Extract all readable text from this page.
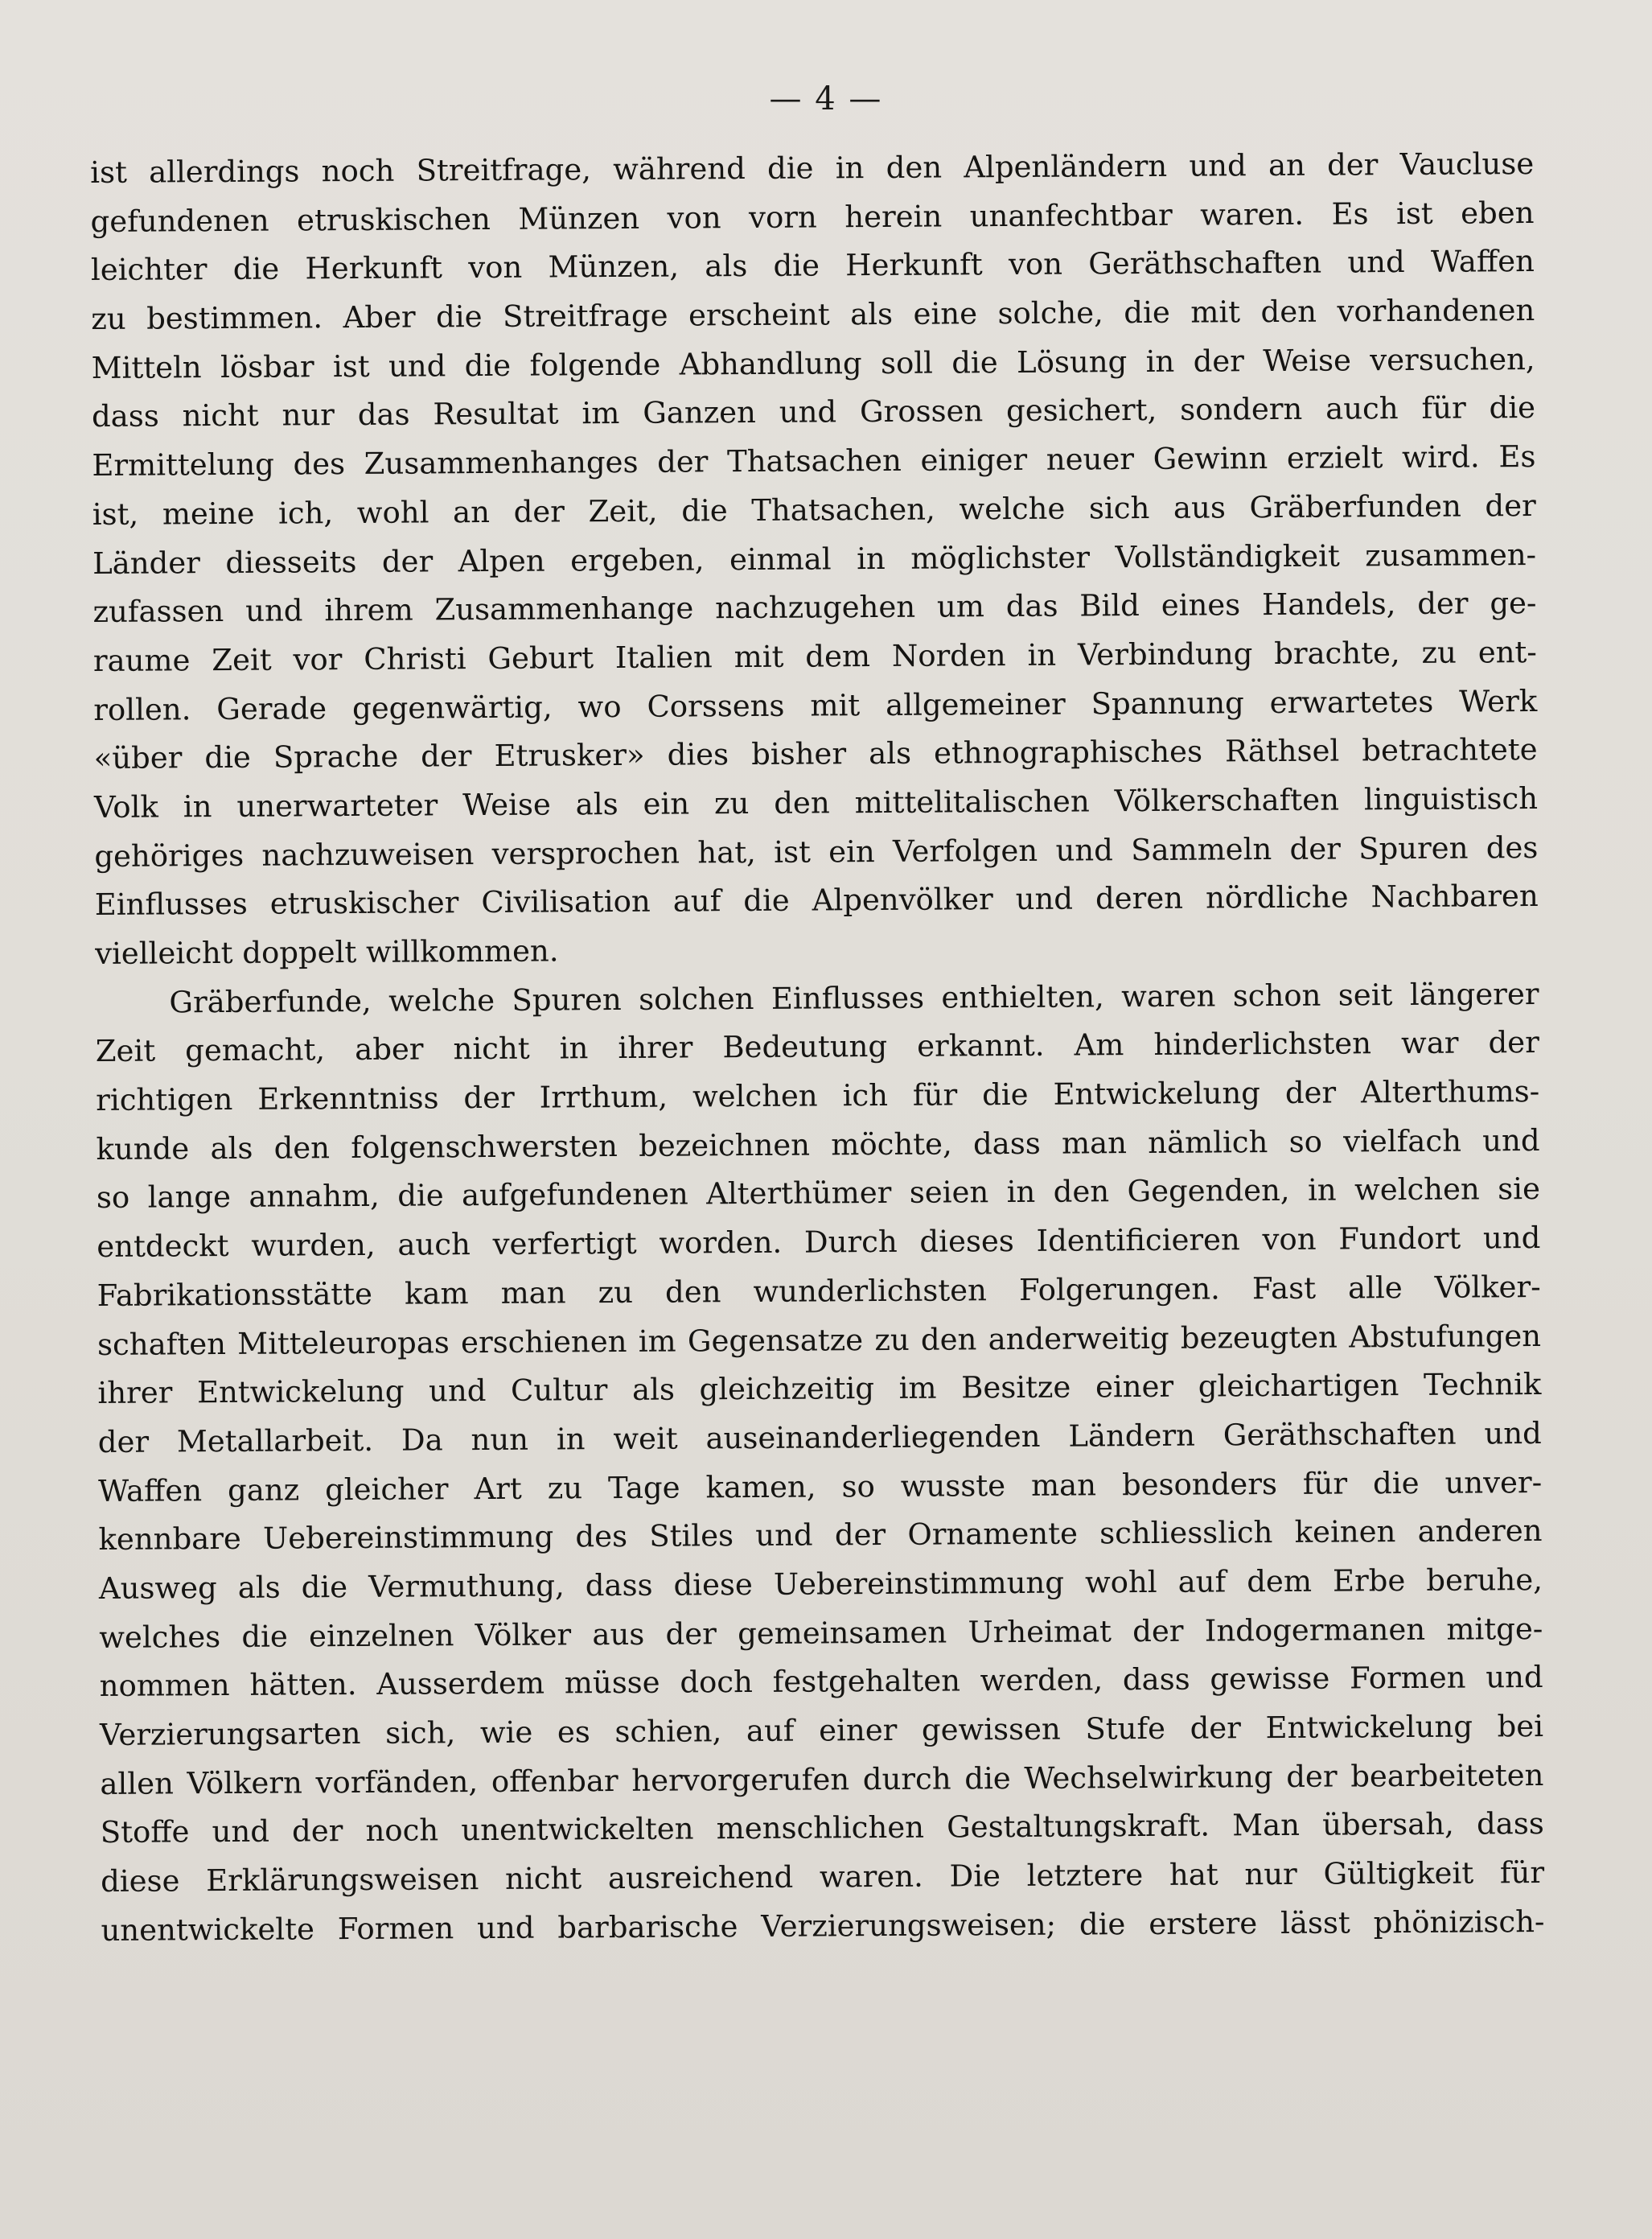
— 4 —
ist allerdings noch Streitfrage, während die in den Alpenländern und an der Vaucluse
gefundenen etruskischen Münzen von vorn herein unanfechtbar waren. Es ist eben
leichter die Herkunft von Münzen, als die Herkunft von Geräthschaften und Waffen
zu bestimmen. Aber die Streitfrage erscheint als eine solche, die mit den vorhandenen
Mitteln lösbar ist und die folgende Abhandlung soll die Lösung in der Weise versuchen,
dass nicht nur das Resultat im Ganzen und Grossen gesichert, sondern auch für die
Ermittelung des Zusammenhanges der Thatsachen einiger neuer Gewinn erzielt wird. Es
ist, meine ich, wohl an der Zeit, die Thatsachen, welche sich aus Gräberfunden der
Länder diesseits der Alpen ergeben, einmal in möglichster Vollständigkeit zusammen-
zufassen und ihrem Zusammenhange nachzugehen um das Bild eines Handels, der ge-
raume Zeit vor Christi Geburt Italien mit dem Norden in Verbindung brachte, zu ent-
rollen. Gerade gegenwärtig, wo Corssens mit allgemeiner Spannung erwartetes Werk
«über die Sprache der Etrusker» dies bisher als ethnographisches Räthsel betrachtete
Volk in unerwarteter Weise als ein zu den mittelitalischen Völkerschaften linguistisch
gehöriges nachzuweisen versprochen hat, ist ein Verfolgen und Sammeln der Spuren des
Einflusses etruskischer Civilisation auf die Alpenvölker und deren nördliche Nachbaren
vielleicht doppelt willkommen.
Gräberfunde, welche Spuren solchen Einflusses enthielten, waren schon seit längerer
Zeit gemacht, aber nicht in ihrer Bedeutung erkannt. Am hinderlichsten war der
richtigen Erkenntniss der Irrthum, welchen ich für die Entwickelung der Alterthums-
kunde als den folgenschwersten bezeichnen möchte, dass man nämlich so vielfach und
so lange annahm, die aufgefundenen Alterthümer seien in den Gegenden, in welchen sie
entdeckt wurden, auch verfertigt worden. Durch dieses Identificieren von Fundort und
Fabrikationsstätte kam man zu den wunderlichsten Folgerungen. Fast alle Völker-
schaften Mitteleuropas erschienen im Gegensatze zu den anderweitig bezeugten Abstufungen
ihrer Entwickelung und Cultur als gleichzeitig im Besitze einer gleichartigen Technik
der Metallarbeit. Da nun in weit auseinanderliegenden Ländern Geräthschaften und
Waffen ganz gleicher Art zu Tage kamen, so wusste man besonders für die unver-
kennbare Uebereinstimmung des Stiles und der Ornamente schliesslich keinen anderen
Ausweg als die Vermuthung, dass diese Uebereinstimmung wohl auf dem Erbe beruhe,
welches die einzelnen Völker aus der gemeinsamen Urheimat der Indogermanen mitge-
nommen hätten. Ausserdem müsse doch festgehalten werden, dass gewisse Formen und
Verzierungsarten sich, wie es schien, auf einer gewissen Stufe der Entwickelung bei
allen Völkern vorfänden, offenbar hervorgerufen durch die Wechselwirkung der bearbeiteten
Stoffe und der noch unentwickelten menschlichen Gestaltungskraft. Man übersah, dass
diese Erklärungsweisen nicht ausreichend waren. Die letztere hat nur Gültigkeit für
unentwickelte Formen und barbarische Verzierungsweisen; die erstere lässt phönizisch-
